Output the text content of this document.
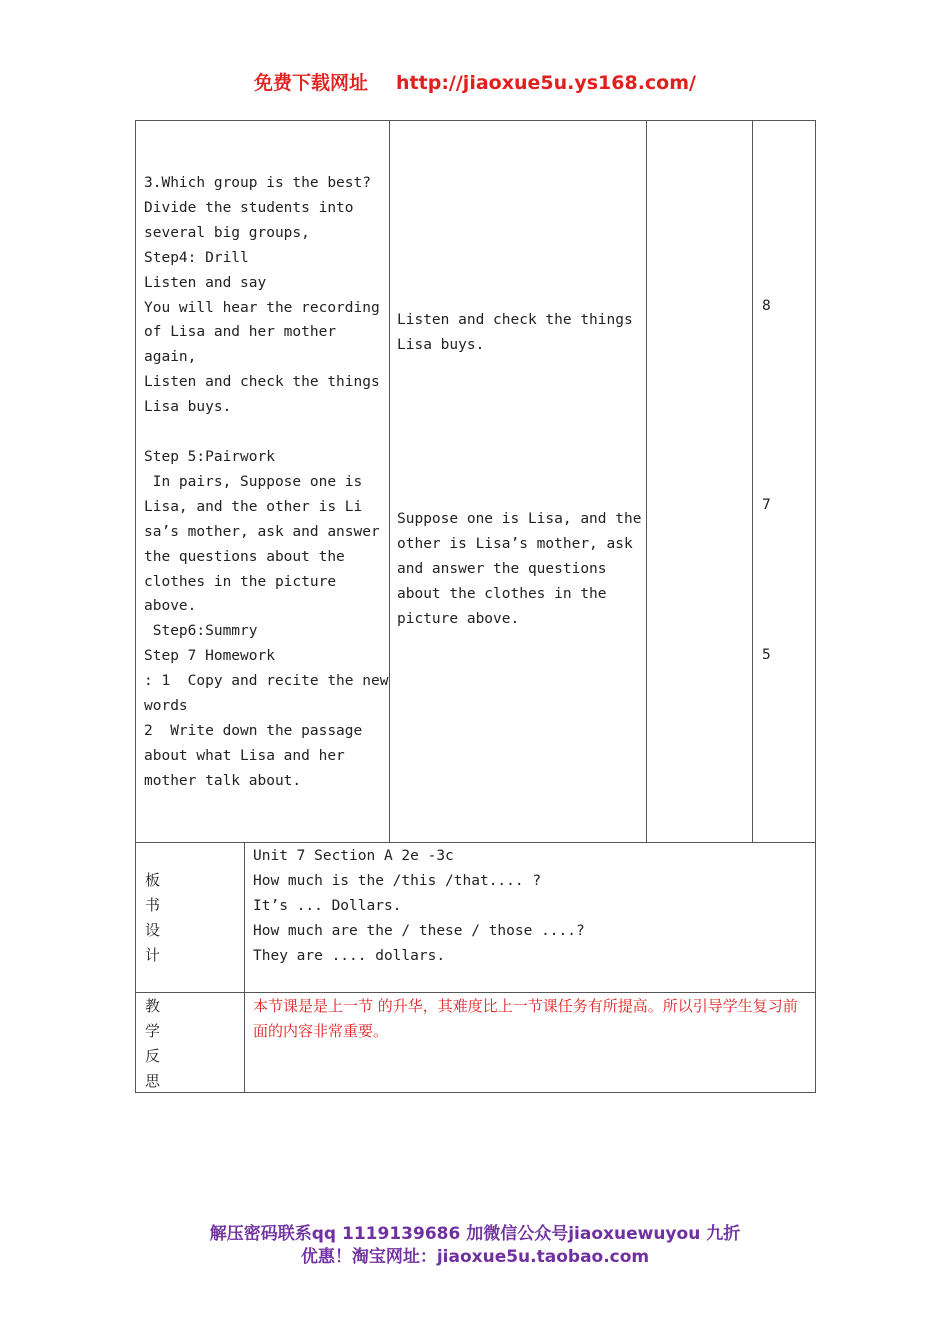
免费下载网址 http://jiaoxue5u.ys168.com/
3.Which group is the best?
Divide the students into
several big groups,
Step4: Drill
Listen and say
You will hear the recording
of Lisa and her mother
again,
Listen and check the things
Lisa buys.

Step 5:Pairwork
In pairs, Suppose one is
Lisa, and the other is Li
sa’s mother, ask and answer
the questions about the
clothes in the picture
above.
Step6:Summry
Step 7 Homework
: 1  Copy and recite the new
words
2  Write down the passage
about what Lisa and her
mother talk about.
Listen and check the things
Lisa buys.
Suppose one is Lisa, and the
other is Lisa’s mother, ask
and answer the questions
about the clothes in the
picture above.
8
7
5
板
书
设
计
Unit 7 Section A 2e -3c
How much is the /this /that.... ?
It’s ... Dollars.
How much are the / these / those ....?
They are .... dollars.
教
学
反
思
本节课是是上一节 的升华，其难度比上一节课任务有所提高。所以引导学生复习前面的内容非常重要。
解压密码联系qq 1119139686 加微信公众号jiaoxuewuyou 九折
优惠！淘宝网址：jiaoxue5u.taobao.com
